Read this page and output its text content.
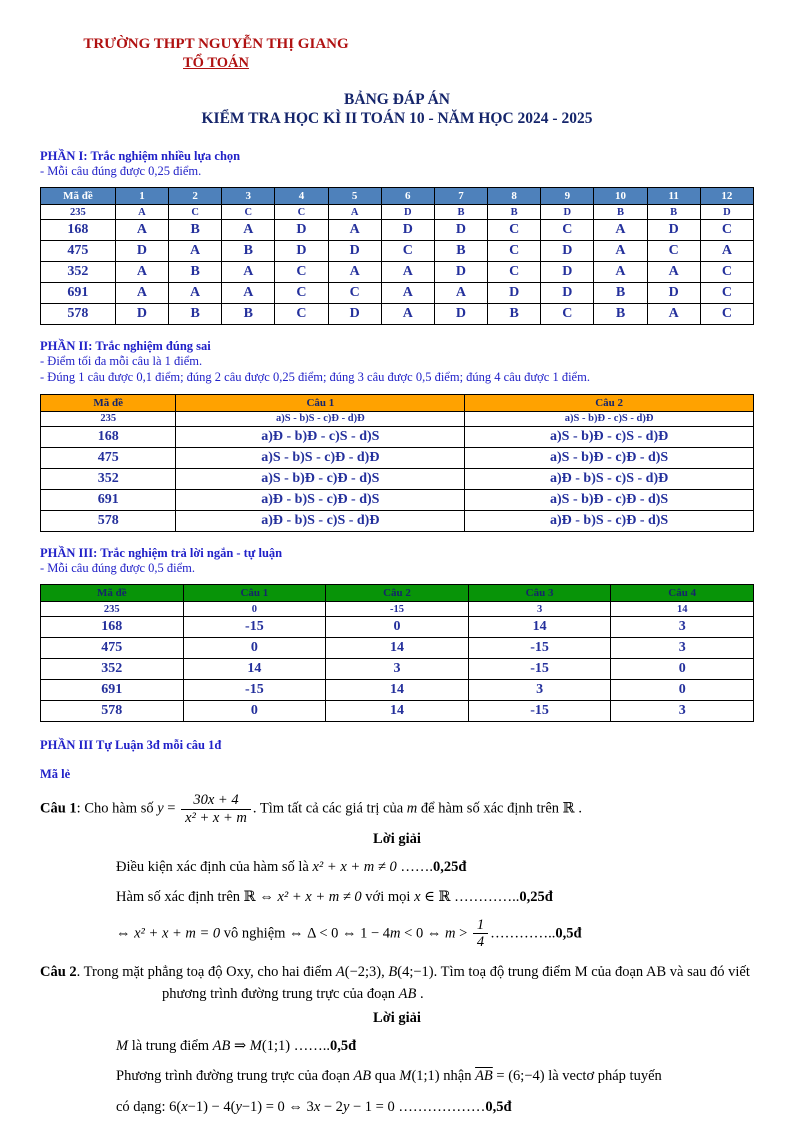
TRƯỜNG THPT NGUYỄN THỊ GIANG
TỔ TOÁN
BẢNG ĐÁP ÁN
KIỂM TRA HỌC KÌ II TOÁN 10 - NĂM HỌC 2024 - 2025
PHẦN I: Trắc nghiệm nhiều lựa chọn
- Mỗi câu đúng được 0,25 điểm.
Mã đề	1	2	3	4	5	6	7	8	9	10	11	12
235	A	C	C	C	A	D	B	B	D	B	B	D
168	A	B	A	D	A	D	D	C	C	A	D	C
475	D	A	B	D	D	C	B	C	D	A	C	A
352	A	B	A	C	A	A	D	C	D	A	A	C
691	A	A	A	C	C	A	A	D	D	B	D	C
578	D	B	B	C	D	A	D	B	C	B	A	C
PHẦN II: Trắc nghiệm đúng sai
- Điểm tối đa mỗi câu là 1 điểm.
- Đúng 1 câu được 0,1 điểm; đúng 2 câu được 0,25 điểm; đúng 3 câu được 0,5 điểm; đúng 4 câu được 1 điểm.
Mã đề	Câu 1	Câu 2
235	a)S - b)S - c)Đ - d)Đ	a)S - b)Đ - c)S - d)Đ
168	a)Đ - b)Đ - c)S - d)S	a)S - b)Đ - c)S - d)Đ
475	a)S - b)S - c)Đ - d)Đ	a)S - b)Đ - c)Đ - d)S
352	a)S - b)Đ - c)Đ - d)S	a)Đ - b)S - c)S - d)Đ
691	a)Đ - b)S - c)Đ - d)S	a)S - b)Đ - c)Đ - d)S
578	a)Đ - b)S - c)S - d)Đ	a)Đ - b)S - c)Đ - d)S
PHẦN III: Trắc nghiệm trả lời ngắn - tự luận
- Mỗi câu đúng được 0,5 điểm.
Mã đề	Câu 1	Câu 2	Câu 3	Câu 4
235	0	-15	3	14
168	-15	0	14	3
475	0	14	-15	3
352	14	3	-15	0
691	-15	14	3	0
578	0	14	-15	3
PHẦN III Tự Luận 3đ mỗi câu 1đ
Mã lẻ
Câu 1: Cho hàm số $y = \frac{30x + 4}{\text{x² + x + m}}$ . Tìm tất cả các giá trị của m để hàm số xác định trên ℝ .
Lời giải
Điều kiện xác định của hàm số là x² + x + m ≠ 0 …….0,25đ
Hàm số xác định trên ℝ ⇔ x² + x + m ≠ 0 với mọi x ∈ ℝ …………..0,25đ
⇔ x² + x + m = 0 vô nghiệm ⇔ Δ < 0 ⇔ 1 − 4m < 0 ⇔ $m > \frac{1}{4}$ …………..0,5đ
Câu 2. Trong mặt phẳng toạ độ Oxy, cho hai điểm A(−2;3), B(4;−1). Tìm toạ độ trung điểm M của đoạn AB và sau đó viết phương trình đường trung trực của đoạn AB .
Lời giải
M là trung điểm AB ⇒ M(1;1) ……..0,5đ
Phương trình đường trung trực của đoạn AB qua M(1;1) nhận $\overline{AB}$ = (6;−4) là vectơ pháp tuyến
có dạng: 6(x−1) − 4(y−1) = 0 ⇔ 3x − 2y − 1 = 0 ………………0,5đ
